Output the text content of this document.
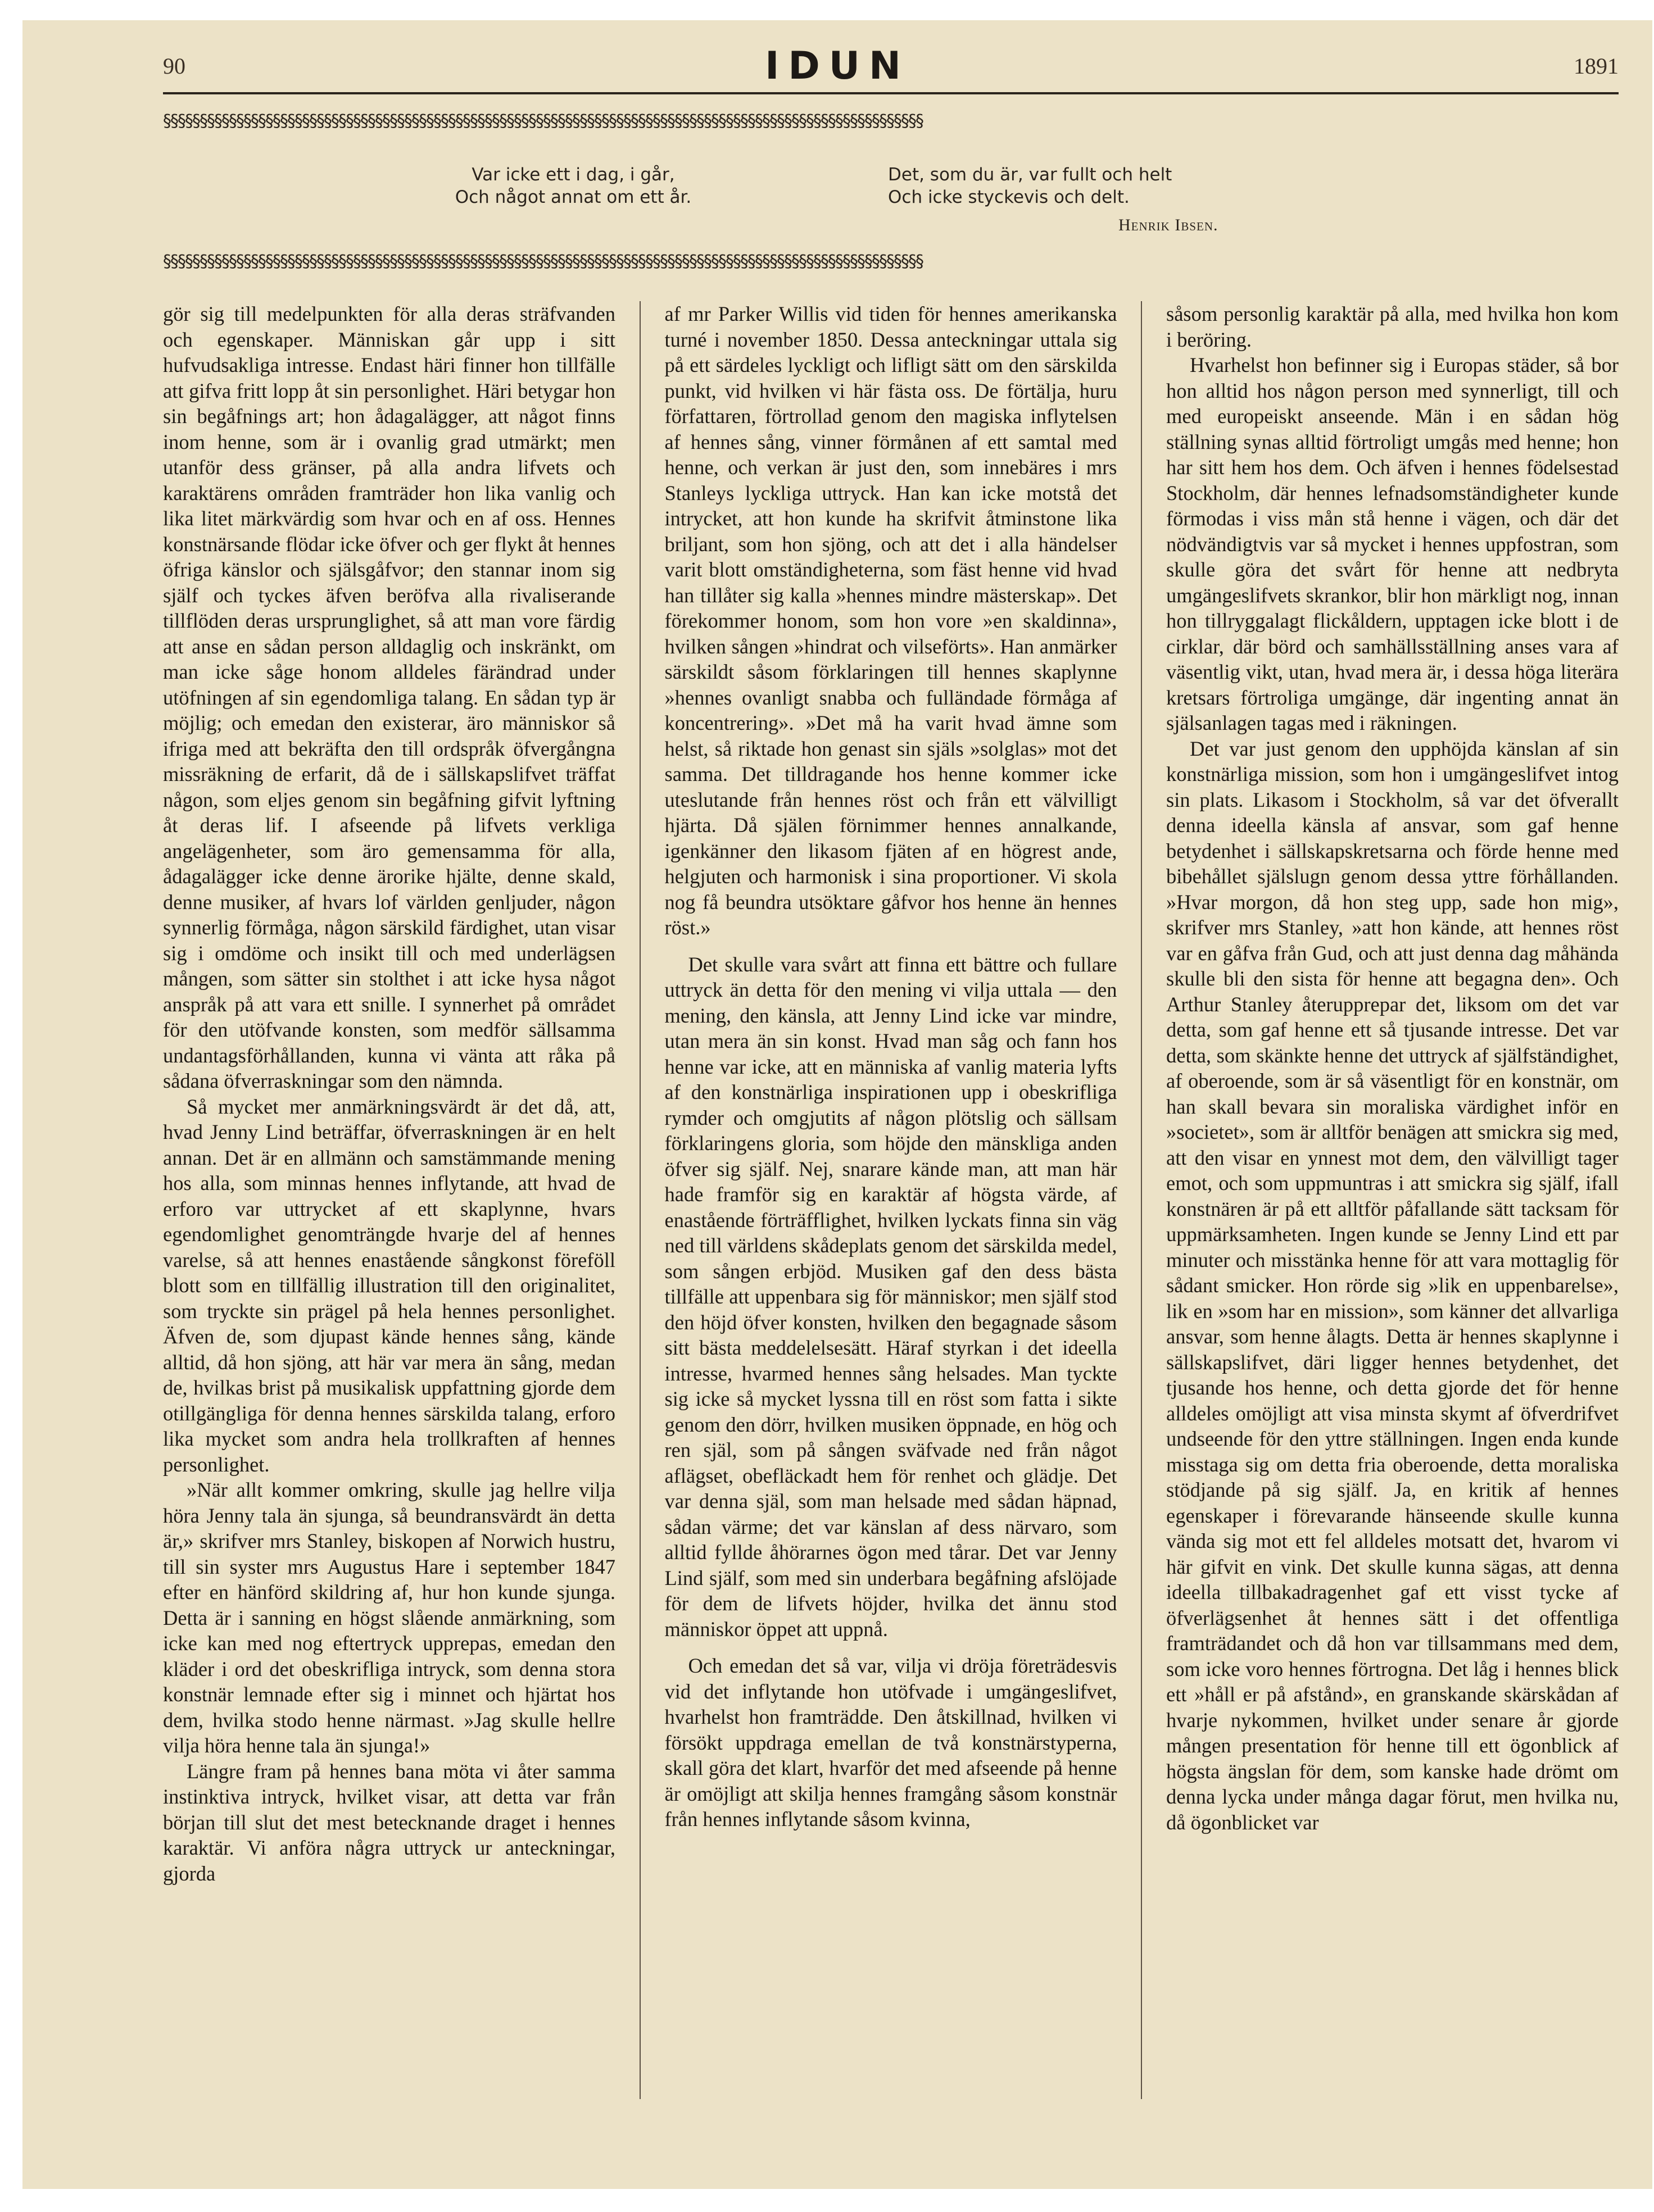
90	IDUN	1891
§§§§§§§§§§§§§§§§§§§§§§§§§§§§§§§§§§§§§§§§§§§§§§§§§§§§§§§§§§§§§§§§§§§§§§§§§§§§§§§§§§§§§§§§§§§§§§§§§§§§§§§§
Var icke ett i dag, i går,
Och något annat om ett år.
Det, som du är, var fullt och helt
Och icke styckevis och delt.
Henrik Ibsen.
§§§§§§§§§§§§§§§§§§§§§§§§§§§§§§§§§§§§§§§§§§§§§§§§§§§§§§§§§§§§§§§§§§§§§§§§§§§§§§§§§§§§§§§§§§§§§§§§§§§§§§§§

gör sig till medelpunkten för alla deras sträfvanden och egenskaper. Människan går upp i sitt hufvudsakliga intresse. Endast häri finner hon tillfälle att gifva fritt lopp åt sin personlighet. Häri betygar hon sin begåfnings art; hon ådagalägger, att något finns inom henne, som är i ovanlig grad utmärkt; men utanför dess gränser, på alla andra lifvets och karaktärens områden framträder hon lika vanlig och lika litet märkvärdig som hvar och en af oss. Hennes konstnärsande flödar icke öfver och ger flykt åt hennes öfriga känslor och själsgåfvor; den stannar inom sig själf och tyckes äfven beröfva alla rivaliserande tillflöden deras ursprunglighet, så att man vore färdig att anse en sådan person alldaglig och inskränkt, om man icke såge honom alldeles färändrad under utöfningen af sin egendomliga talang. En sådan typ är möjlig; och emedan den existerar, äro människor så ifriga med att bekräfta den till ordspråk öfvergångna missräkning de erfarit, då de i sällskapslifvet träffat någon, som eljes genom sin begåfning gifvit lyftning åt deras lif. I afseende på lifvets verkliga angelägenheter, som äro gemensamma för alla, ådagalägger icke denne ärorike hjälte, denne skald, denne musiker, af hvars lof världen genljuder, någon synnerlig förmåga, någon särskild färdighet, utan visar sig i omdöme och insikt till och med underlägsen mången, som sätter sin stolthet i att icke hysa något anspråk på att vara ett snille. I synnerhet på området för den utöfvande konsten, som medför sällsamma undantagsförhållanden, kunna vi vänta att råka på sådana öfverraskningar som den nämnda.

Så mycket mer anmärkningsvärdt är det då, att, hvad Jenny Lind beträffar, öfverraskningen är en helt annan. Det är en allmänn och samstämmande mening hos alla, som minnas hennes inflytande, att hvad de erforo var uttrycket af ett skaplynne, hvars egendomlighet genomträngde hvarje del af hennes varelse, så att hennes enastående sångkonst föreföll blott som en tillfällig illustration till den originalitet, som tryckte sin prägel på hela hennes personlighet. Äfven de, som djupast kände hennes sång, kände alltid, då hon sjöng, att här var mera än sång, medan de, hvilkas brist på musikalisk uppfattning gjorde dem otillgängliga för denna hennes särskilda talang, erforo lika mycket som andra hela trollkraften af hennes personlighet.

»När allt kommer omkring, skulle jag hellre vilja höra Jenny tala än sjunga, så beundransvärdt än detta är,» skrifver mrs Stanley, biskopen af Norwich hustru, till sin syster mrs Augustus Hare i september 1847 efter en hänförd skildring af, hur hon kunde sjunga. Detta är i sanning en högst slående anmärkning, som icke kan med nog eftertryck upprepas, emedan den kläder i ord det obeskrifliga intryck, som denna stora konstnär lemnade efter sig i minnet och hjärtat hos dem, hvilka stodo henne närmast. »Jag skulle hellre vilja höra henne tala än sjunga!»

Längre fram på hennes bana möta vi åter samma instinktiva intryck, hvilket visar, att detta var från början till slut det mest betecknande draget i hennes karaktär. Vi anföra några uttryck ur anteckningar, gjorda

af mr Parker Willis vid tiden för hennes amerikanska turné i november 1850. Dessa anteckningar uttala sig på ett särdeles lyckligt och lifligt sätt om den särskilda punkt, vid hvilken vi här fästa oss. De förtälja, huru författaren, förtrollad genom den magiska inflytelsen af hennes sång, vinner förmånen af ett samtal med henne, och verkan är just den, som innebäres i mrs Stanleys lyckliga uttryck. Han kan icke motstå det intrycket, att hon kunde ha skrifvit åtminstone lika briljant, som hon sjöng, och att det i alla händelser varit blott omständigheterna, som fäst henne vid hvad han tillåter sig kalla »hennes mindre mästerskap». Det förekommer honom, som hon vore »en skaldinna», hvilken sången »hindrat och vilseförts». Han anmärker särskildt såsom förklaringen till hennes skaplynne »hennes ovanligt snabba och fulländade förmåga af koncentrering». »Det må ha varit hvad ämne som helst, så riktade hon genast sin själs »solglas» mot det samma. Det tilldragande hos henne kommer icke uteslutande från hennes röst och från ett välvilligt hjärta. Då själen förnimmer hennes annalkande, igenkänner den likasom fjäten af en högrest ande, helgjuten och harmonisk i sina proportioner. Vi skola nog få beundra utsöktare gåfvor hos henne än hennes röst.»

Det skulle vara svårt att finna ett bättre och fullare uttryck än detta för den mening vi vilja uttala — den mening, den känsla, att Jenny Lind icke var mindre, utan mera än sin konst. Hvad man såg och fann hos henne var icke, att en människa af vanlig materia lyfts af den konstnärliga inspirationen upp i obeskrifliga rymder och omgjutits af någon plötslig och sällsam förklaringens gloria, som höjde den mänskliga anden öfver sig själf. Nej, snarare kände man, att man här hade framför sig en karaktär af högsta värde, af enastående förträfflighet, hvilken lyckats finna sin väg ned till världens skådeplats genom det särskilda medel, som sången erbjöd. Musiken gaf den dess bästa tillfälle att uppenbara sig för människor; men själf stod den höjd öfver konsten, hvilken den begagnade såsom sitt bästa meddelelsesätt. Häraf styrkan i det ideella intresse, hvarmed hennes sång helsades. Man tyckte sig icke så mycket lyssna till en röst som fatta i sikte genom den dörr, hvilken musiken öppnade, en hög och ren själ, som på sången sväfvade ned från något aflägset, obefläckadt hem för renhet och glädje. Det var denna själ, som man helsade med sådan häpnad, sådan värme; det var känslan af dess närvaro, som alltid fyllde åhörarnes ögon med tårar. Det var Jenny Lind själf, som med sin underbara begåfning afslöjade för dem de lifvets höjder, hvilka det ännu stod människor öppet att uppnå.

Och emedan det så var, vilja vi dröja företrädesvis vid det inflytande hon utöfvade i umgängeslifvet, hvarhelst hon framträdde. Den åtskillnad, hvilken vi försökt uppdraga emellan de två konstnärstyperna, skall göra det klart, hvarför det med afseende på henne är omöjligt att skilja hennes framgång såsom konstnär från hennes inflytande såsom kvinna,

såsom personlig karaktär på alla, med hvilka hon kom i beröring.

Hvarhelst hon befinner sig i Europas städer, så bor hon alltid hos någon person med synnerligt, till och med europeiskt anseende. Män i en sådan hög ställning synas alltid förtroligt umgås med henne; hon har sitt hem hos dem. Och äfven i hennes födelsestad Stockholm, där hennes lefnadsomständigheter kunde förmodas i viss mån stå henne i vägen, och där det nödvändigtvis var så mycket i hennes uppfostran, som skulle göra det svårt för henne att nedbryta umgängeslifvets skrankor, blir hon märkligt nog, innan hon tillryggalagt flickåldern, upptagen icke blott i de cirklar, där börd och samhällsställning anses vara af väsentlig vikt, utan, hvad mera är, i dessa höga literära kretsars förtroliga umgänge, där ingenting annat än själsanlagen tagas med i räkningen.

Det var just genom den upphöjda känslan af sin konstnärliga mission, som hon i umgängeslifvet intog sin plats. Likasom i Stockholm, så var det öfverallt denna ideella känsla af ansvar, som gaf henne betydenhet i sällskapskretsarna och förde henne med bibehållet själslugn genom dessa yttre förhållanden. »Hvar morgon, då hon steg upp, sade hon mig», skrifver mrs Stanley, »att hon kände, att hennes röst var en gåfva från Gud, och att just denna dag måhända skulle bli den sista för henne att begagna den». Och Arthur Stanley återupprepar det, liksom om det var detta, som gaf henne ett så tjusande intresse. Det var detta, som skänkte henne det uttryck af själfständighet, af oberoende, som är så väsentligt för en konstnär, om han skall bevara sin moraliska värdighet inför en »societet», som är alltför benägen att smickra sig med, att den visar en ynnest mot dem, den välvilligt tager emot, och som uppmuntras i att smickra sig själf, ifall konstnären är på ett alltför påfallande sätt tacksam för uppmärksamheten. Ingen kunde se Jenny Lind ett par minuter och misstänka henne för att vara mottaglig för sådant smicker. Hon rörde sig »lik en uppenbarelse», lik en »som har en mission», som känner det allvarliga ansvar, som henne ålagts. Detta är hennes skaplynne i sällskapslifvet, däri ligger hennes betydenhet, det tjusande hos henne, och detta gjorde det för henne alldeles omöjligt att visa minsta skymt af öfverdrifvet undseende för den yttre ställningen. Ingen enda kunde misstaga sig om detta fria oberoende, detta moraliska stödjande på sig själf. Ja, en kritik af hennes egenskaper i förevarande hänseende skulle kunna vända sig mot ett fel alldeles motsatt det, hvarom vi här gifvit en vink. Det skulle kunna sägas, att denna ideella tillbakadragenhet gaf ett visst tycke af öfverlägsenhet åt hennes sätt i det offentliga framträdandet och då hon var tillsammans med dem, som icke voro hennes förtrogna. Det låg i hennes blick ett »håll er på afstånd», en granskande skärskådan af hvarje nykommen, hvilket under senare år gjorde mången presentation för henne till ett ögonblick af högsta ängslan för dem, som kanske hade drömt om denna lycka under många dagar förut, men hvilka nu, då ögonblicket var
